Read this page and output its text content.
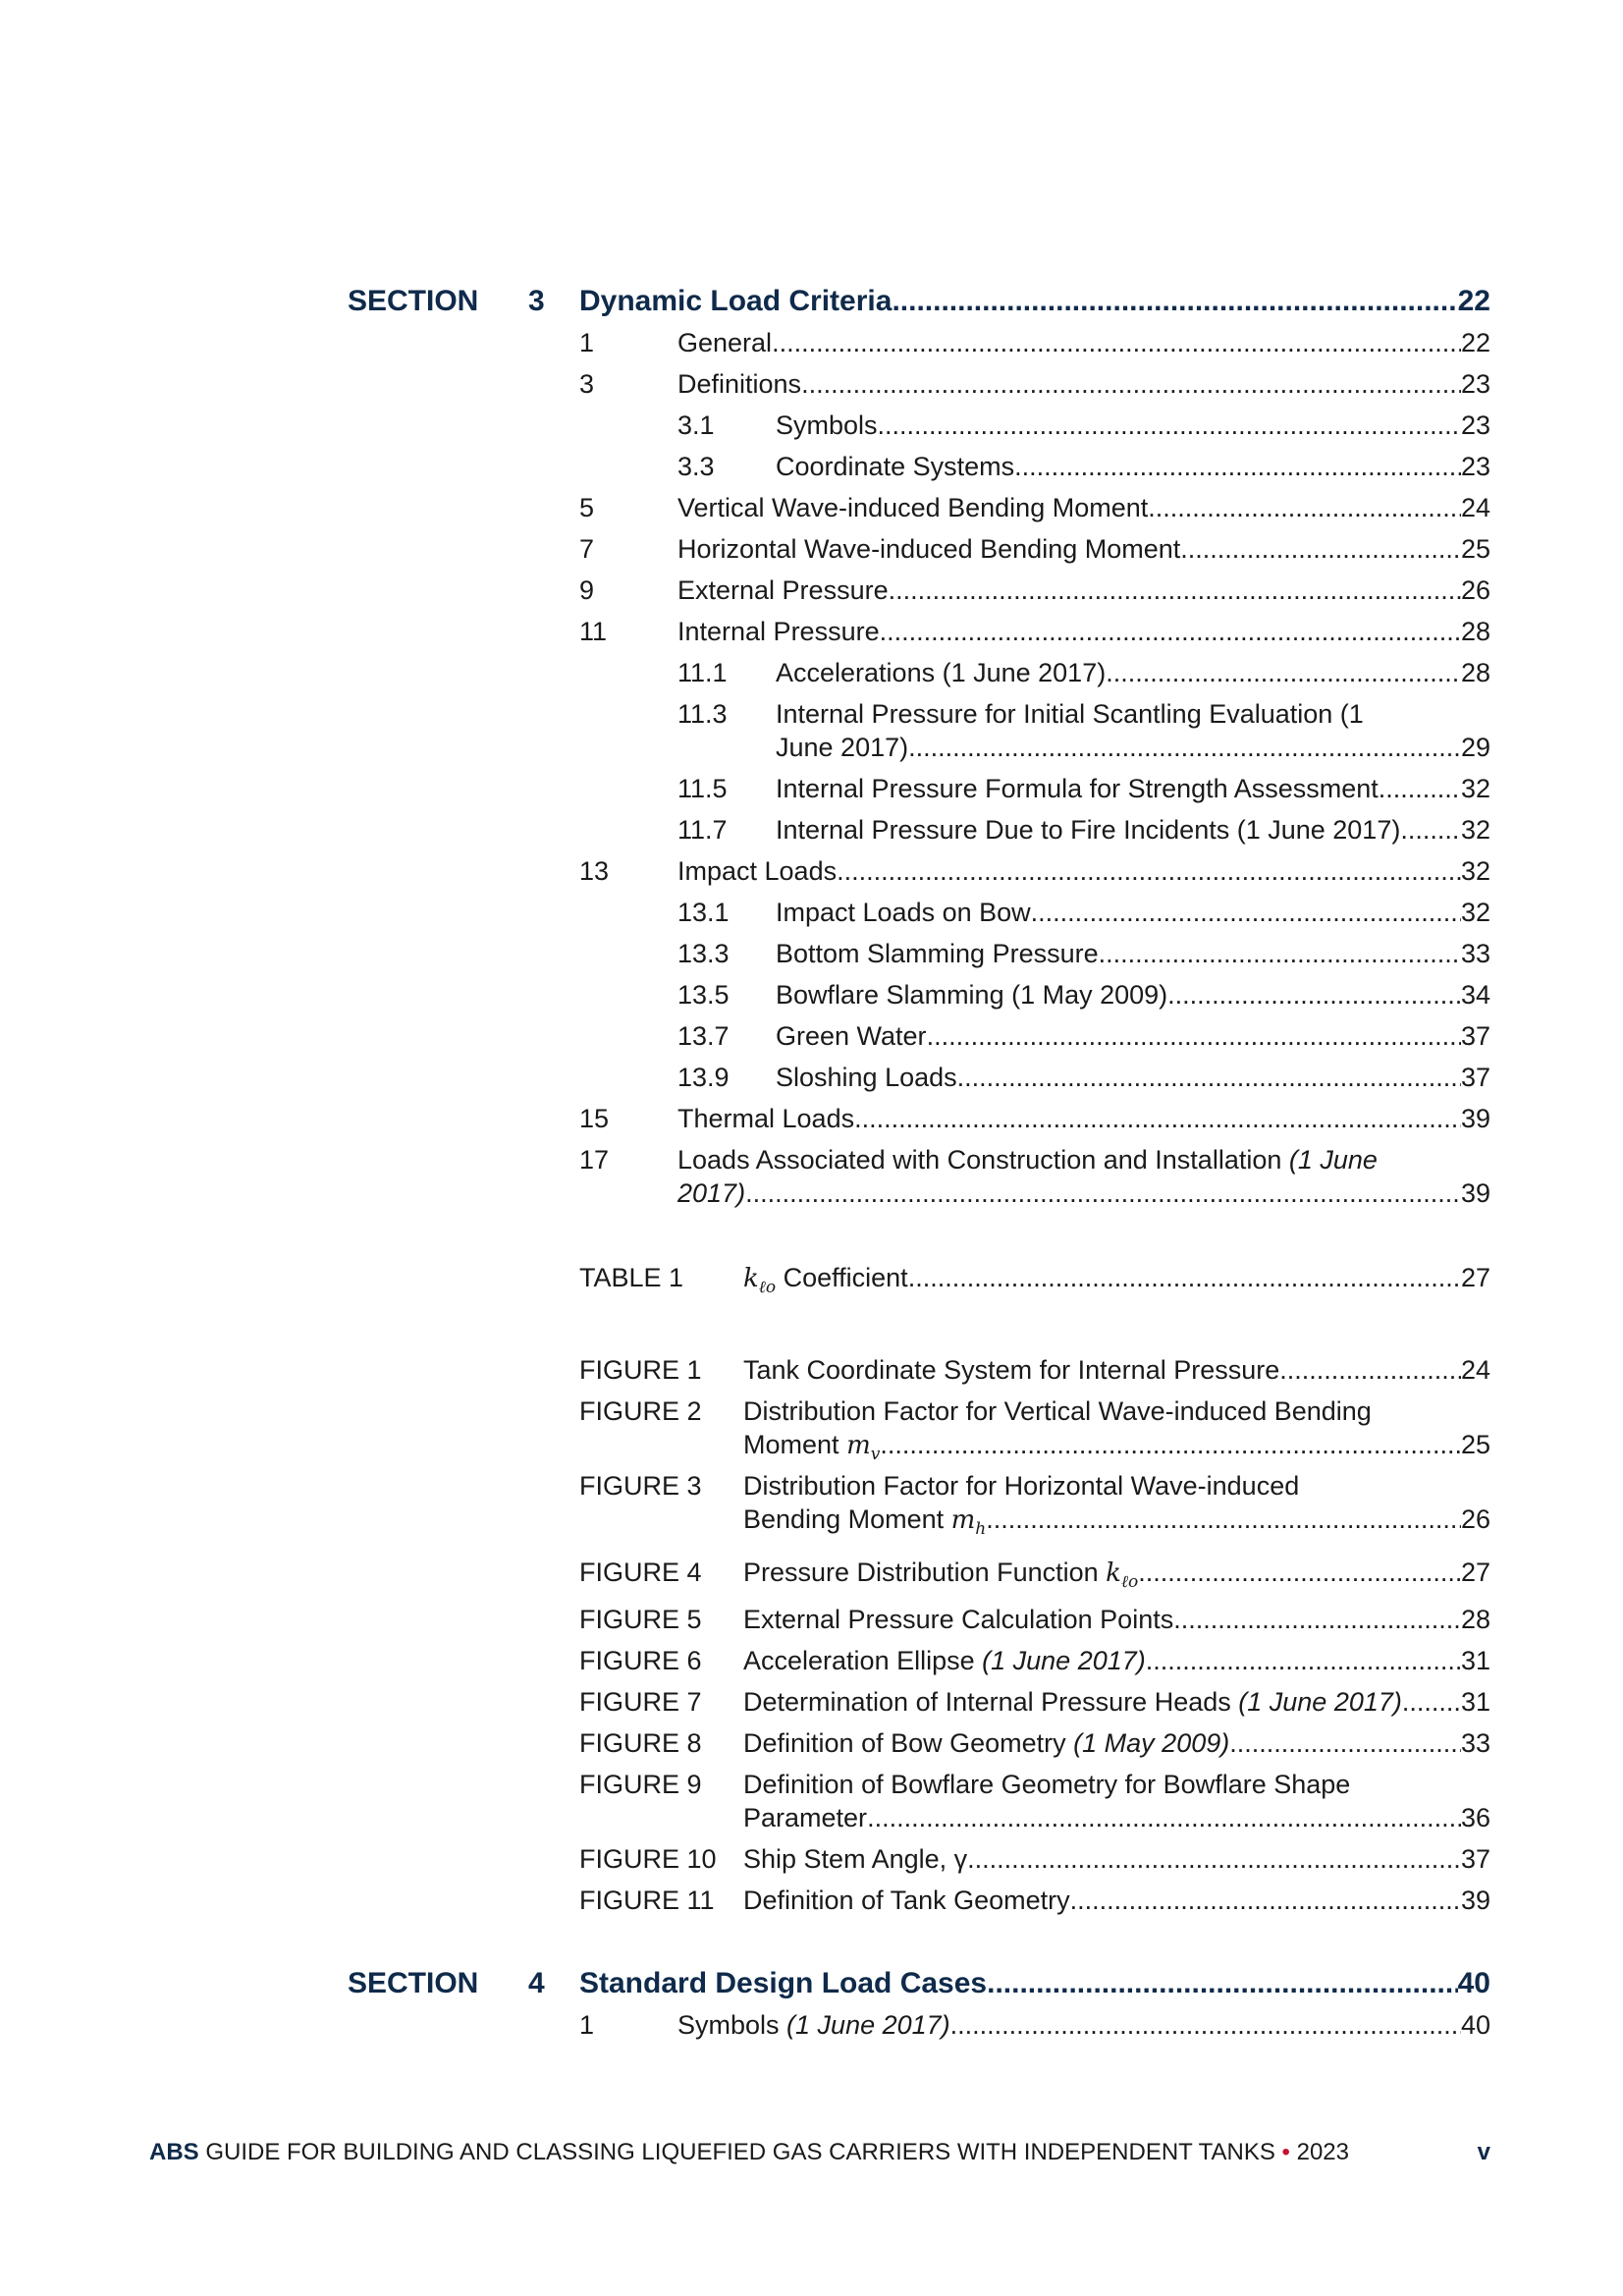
SECTION 3 Dynamic Load Criteria .....	22
1	General .....	22
3	Definitions .....	23
3.1 Symbols .....	23
3.3 Coordinate Systems .....	23
5	Vertical Wave-induced Bending Moment .....	24
7	Horizontal Wave-induced Bending Moment .....	25
9	External Pressure .....	26
11	Internal Pressure .....	28
11.1 Accelerations (1 June 2017) .....	28
11.3 Internal Pressure for Initial Scantling Evaluation (1
June 2017) .....	29
11.5 Internal Pressure Formula for Strength Assessment .....	32
11.7 Internal Pressure Due to Fire Incidents (1 June 2017) ..... 32
13	Impact Loads .....	32
13.1 Impact Loads on Bow .....	32
13.3 Bottom Slamming Pressure .....	33
13.5 Bowflare Slamming (1 May 2009) .....	34
13.7 Green Water .....	37
13.9 Sloshing Loads .....	37
15	Thermal Loads .....	39
17	Loads Associated with Construction and Installation (1 June
2017) .....	39
TABLE 1 $k_{\ell o}$ Coefficient .....	27
FIGURE 1 Tank Coordinate System for Internal Pressure .....	24
FIGURE 2 Distribution Factor for Vertical Wave-induced Bending
Moment $m_v$ .....	25
FIGURE 3 Distribution Factor for Horizontal Wave-induced
Bending Moment $m_h$ .....	26
FIGURE 4 Pressure Distribution Function $k_{\ell o}$ .....	27
FIGURE 5 External Pressure Calculation Points .....	28
FIGURE 6 Acceleration Ellipse (1 June 2017) .....	31
FIGURE 7 Determination of Internal Pressure Heads (1 June 2017) ..... 31
FIGURE 8 Definition of Bow Geometry (1 May 2009) .....	33
FIGURE 9 Definition of Bowflare Geometry for Bowflare Shape
Parameter .....	36
FIGURE 10 Ship Stem Angle, γ .....	37
FIGURE 11 Definition of Tank Geometry .....	39
SECTION 4 Standard Design Load Cases .....	40
1	Symbols (1 June 2017) .....	40
ABS GUIDE FOR BUILDING AND CLASSING LIQUEFIED GAS CARRIERS WITH INDEPENDENT TANKS • 2023	v
